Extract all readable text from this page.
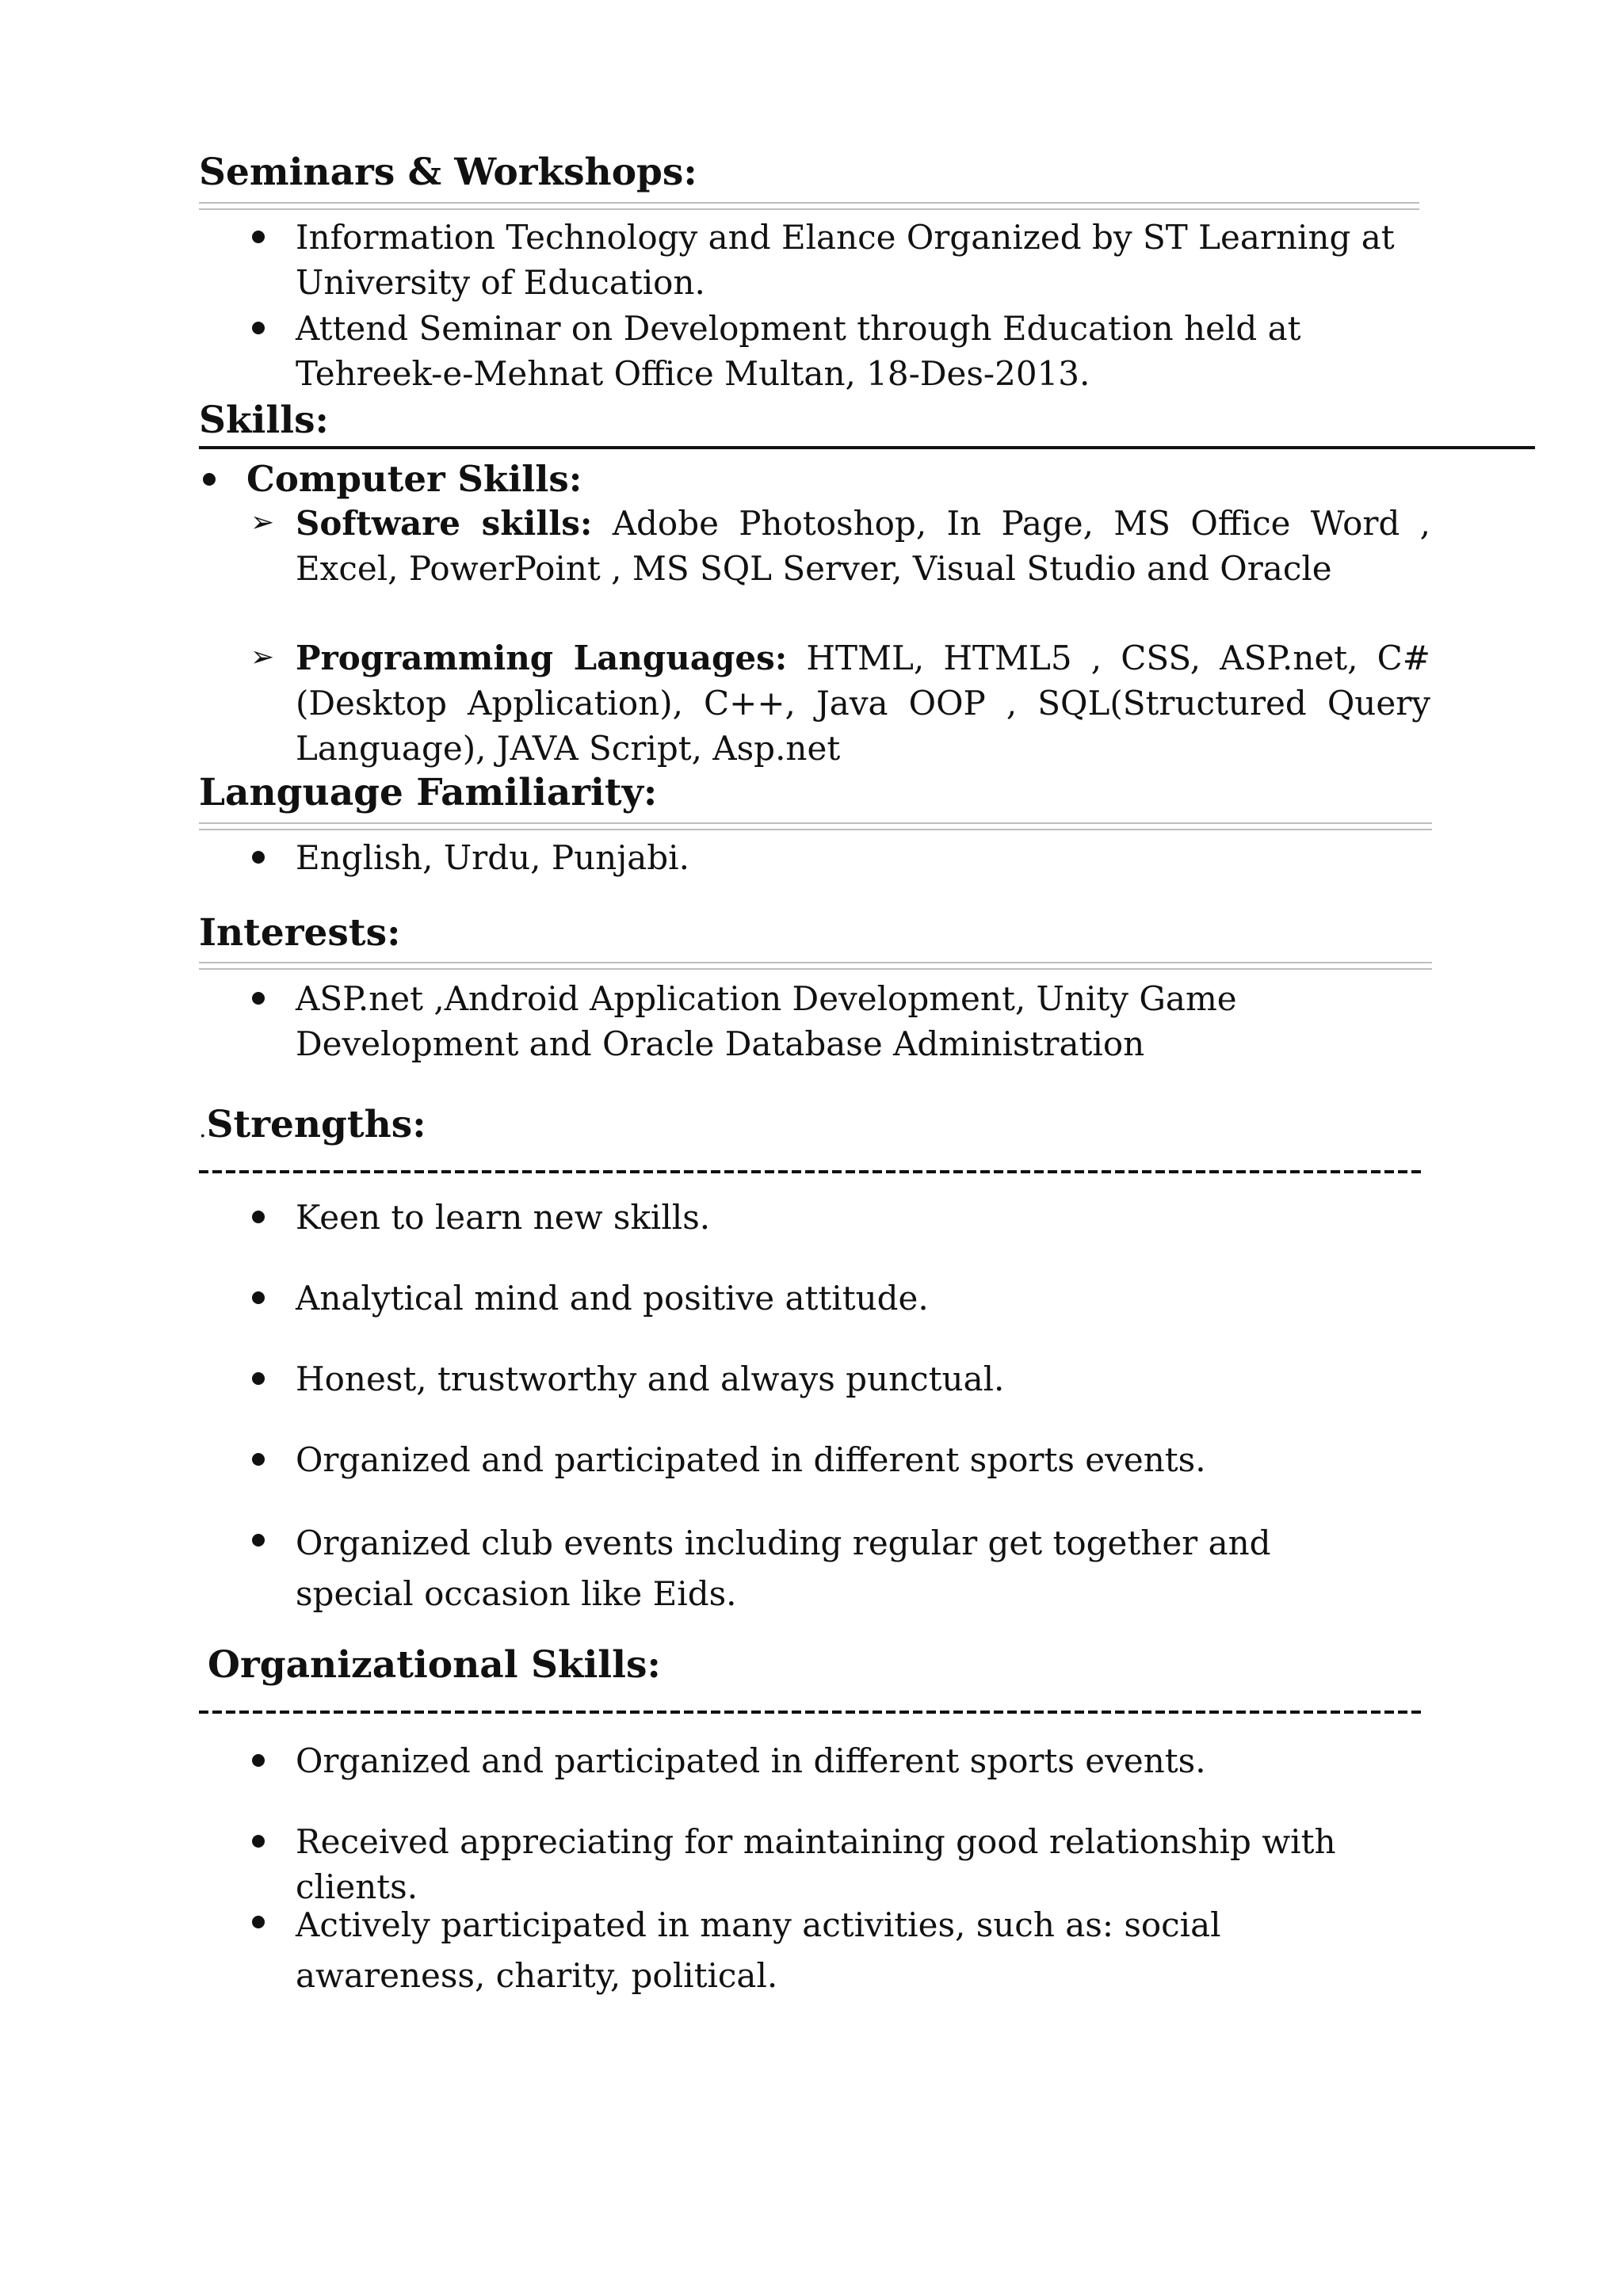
Seminars & Workshops:

Information Technology and Elance Organized by ST Learning at University of Education.

Attend Seminar on Development through Education held at Tehreek-e-Mehnat Office Multan, 18-Des-2013.

Skills:

Computer Skills:

➢ Software skills: Adobe Photoshop, In Page, MS Office Word , Excel, PowerPoint , MS SQL Server, Visual Studio and Oracle

➢ Programming Languages: HTML, HTML5 , CSS, ASP.net, C# (Desktop Application), C++, Java OOP , SQL(Structured Query Language), JAVA Script, Asp.net

Language Familiarity:

English, Urdu, Punjabi.

Interests:

ASP.net ,Android Application Development, Unity Game Development and Oracle Database Administration

.Strengths:

Keen to learn new skills.

Analytical mind and positive attitude.

Honest, trustworthy and always punctual.

Organized and participated in different sports events.

Organized club events including regular get together and special occasion like Eids.

Organizational Skills:

Organized and participated in different sports events.

Received appreciating for maintaining good relationship with clients.

Actively participated in many activities, such as: social awareness, charity, political.
